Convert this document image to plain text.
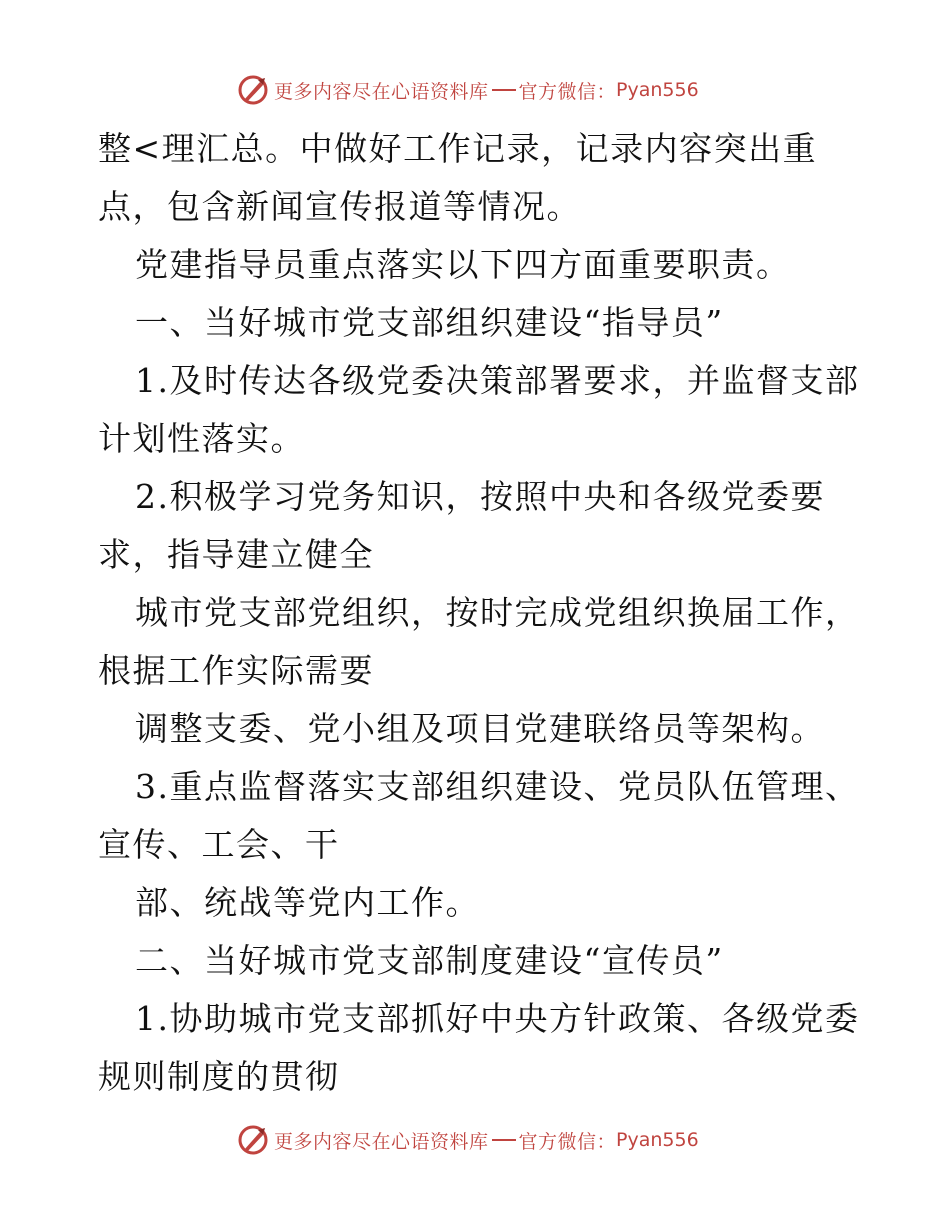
更多内容尽在心语资料库 官方微信： Pyan556
整<理汇总。中做好工作记录，记录内容突出重
点，包含新闻宣传报道等情况。
党建指导员重点落实以下四方面重要职责。
一、当好城市党支部组织建设“指导员”
1.及时传达各级党委决策部署要求，并监督支部
计划性落实。
2.积极学习党务知识，按照中央和各级党委要
求，指导建立健全
城市党支部党组织，按时完成党组织换届工作，
根据工作实际需要
调整支委、党小组及项目党建联络员等架构。
3.重点监督落实支部组织建设、党员队伍管理、
宣传、工会、干
部、统战等党内工作。
二、当好城市党支部制度建设“宣传员”
1.协助城市党支部抓好中央方针政策、各级党委
规则制度的贯彻
更多内容尽在心语资料库 官方微信： Pyan556
